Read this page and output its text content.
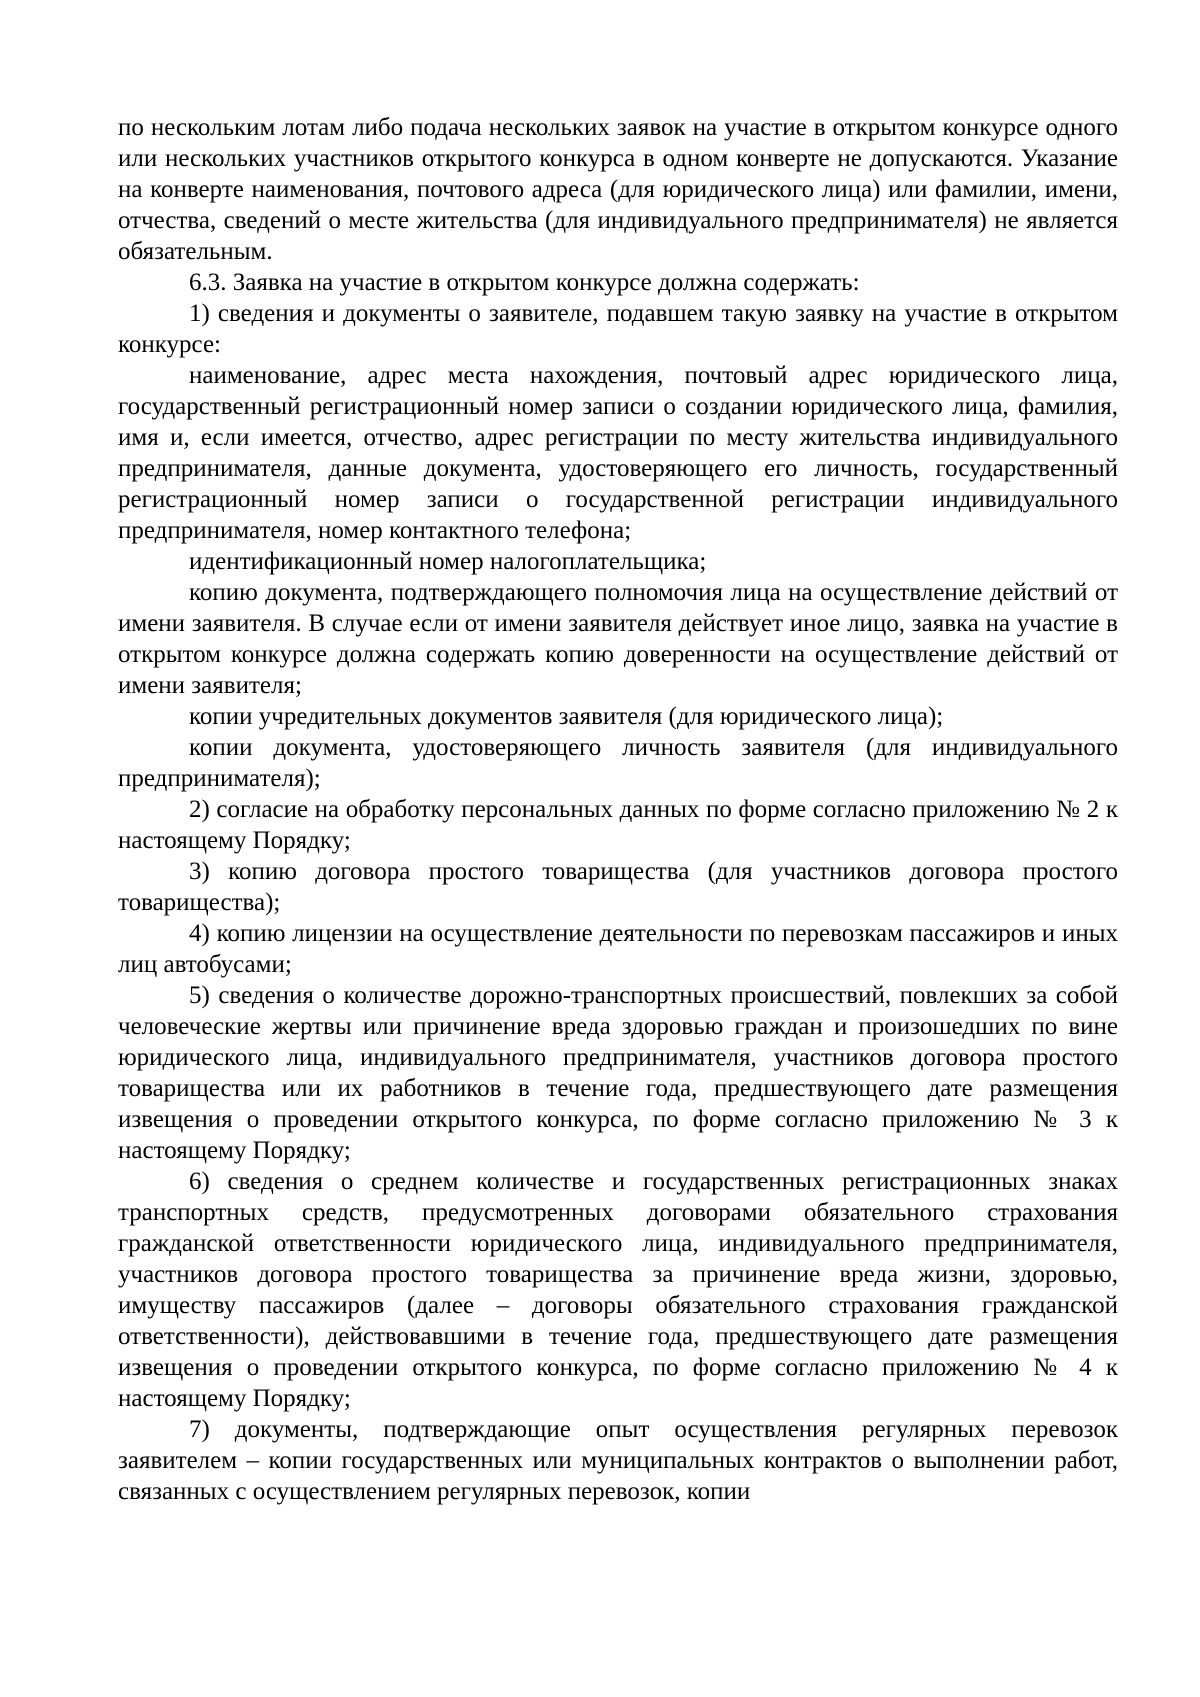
по нескольким лотам либо подача нескольких заявок на участие в открытом конкурсе одного или нескольких участников открытого конкурса в одном конверте не допускаются. Указание на конверте наименования, почтового адреса (для юридического лица) или фамилии, имени, отчества, сведений о месте жительства (для индивидуального предпринимателя) не является обязательным.

6.3. Заявка на участие в открытом конкурсе должна содержать:

1) сведения и документы о заявителе, подавшем такую заявку на участие в открытом конкурсе:

наименование, адрес места нахождения, почтовый адрес юридического лица, государственный регистрационный номер записи о создании юридического лица, фамилия, имя и, если имеется, отчество, адрес регистрации по месту жительства индивидуального предпринимателя, данные документа, удостоверяющего его личность, государственный регистрационный номер записи о государственной регистрации индивидуального предпринимателя, номер контактного телефона;

идентификационный номер налогоплательщика;

копию документа, подтверждающего полномочия лица на осуществление действий от имени заявителя. В случае если от имени заявителя действует иное лицо, заявка на участие в открытом конкурсе должна содержать копию доверенности на осуществление действий от имени заявителя;

копии учредительных документов заявителя (для юридического лица);

копии документа, удостоверяющего личность заявителя (для индивидуального предпринимателя);

2) согласие на обработку персональных данных по форме согласно приложению № 2 к настоящему Порядку;

3) копию договора простого товарищества (для участников договора простого товарищества);

4) копию лицензии на осуществление деятельности по перевозкам пассажиров и иных лиц автобусами;

5) сведения о количестве дорожно-транспортных происшествий, повлекших за собой человеческие жертвы или причинение вреда здоровью граждан и произошедших по вине юридического лица, индивидуального предпринимателя, участников договора простого товарищества или их работников в течение года, предшествующего дате размещения извещения о проведении открытого конкурса, по форме согласно приложению № 3 к настоящему Порядку;

6) сведения о среднем количестве и государственных регистрационных знаках транспортных средств, предусмотренных договорами обязательного страхования гражданской ответственности юридического лица, индивидуального предпринимателя, участников договора простого товарищества за причинение вреда жизни, здоровью, имуществу пассажиров (далее – договоры обязательного страхования гражданской ответственности), действовавшими в течение года, предшествующего дате размещения извещения о проведении открытого конкурса, по форме согласно приложению № 4 к настоящему Порядку;

7) документы, подтверждающие опыт осуществления регулярных перевозок заявителем – копии государственных или муниципальных контрактов о выполнении работ, связанных с осуществлением регулярных перевозок, копии
